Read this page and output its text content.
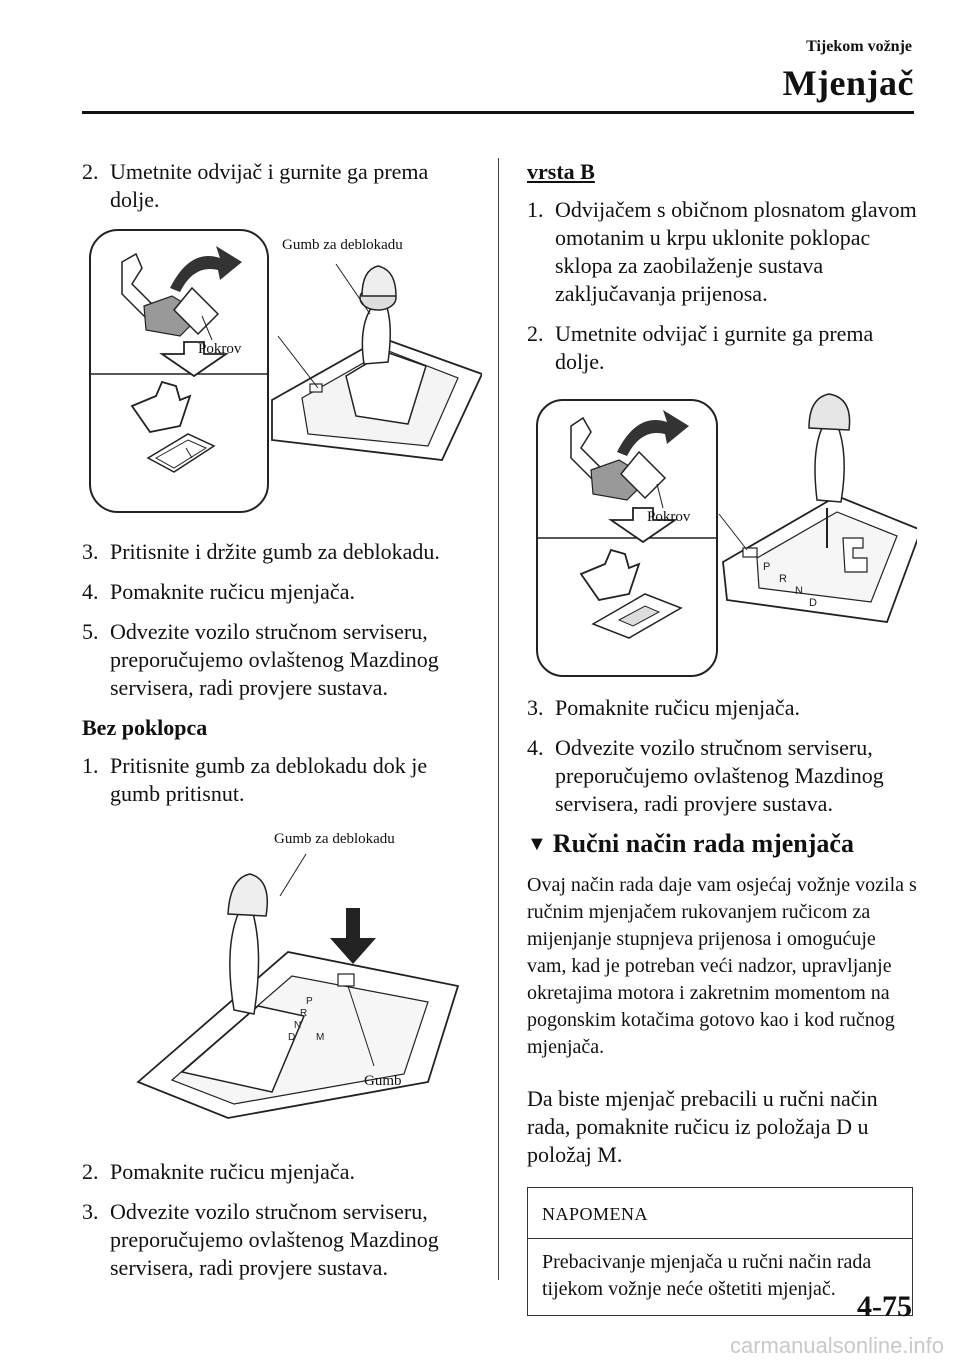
Tijekom vožnje
Mjenjač
2. Umetnite odvijač i gurnite ga prema dolje.
Gumb za deblokadu
Pokrov
3. Pritisnite i držite gumb za deblokadu.
4. Pomaknite ručicu mjenjača.
5. Odvezite vozilo stručnom serviseru, preporučujemo ovlaštenog Mazdinog servisera, radi provjere sustava.
Bez poklopca
1. Pritisnite gumb za deblokadu dok je gumb pritisnut.
P
R
N
D M
Gumb za deblokadu
Gumb
2. Pomaknite ručicu mjenjača.
3. Odvezite vozilo stručnom serviseru, preporučujemo ovlaštenog Mazdinog servisera, radi provjere sustava.
vrsta B
1. Odvijačem s običnom plosnatom glavom omotanim u krpu uklonite poklopac sklopa za zaobilaženje sustava zaključavanja prijenosa.
2. Umetnite odvijač i gurnite ga prema dolje.
P
R
N
D
Pokrov
3. Pomaknite ručicu mjenjača.
4. Odvezite vozilo stručnom serviseru, preporučujemo ovlaštenog Mazdinog servisera, radi provjere sustava.
▼ Ručni način rada mjenjača
Ovaj način rada daje vam osjećaj vožnje vozila s ručnim mjenjačem rukovanjem ručicom za mijenjanje stupnjeva prijenosa i omogućuje vam, kad je potreban veći nadzor, upravljanje okretajima motora i zakretnim momentom na pogonskim kotačima gotovo kao i kod ručnog mjenjača.
Da biste mjenjač prebacili u ručni način rada, pomaknite ručicu iz položaja D u položaj M.
NAPOMENA
Prebacivanje mjenjača u ručni način rada tijekom vožnje neće oštetiti mjenjač.
4-75
carmanualsonline.info
